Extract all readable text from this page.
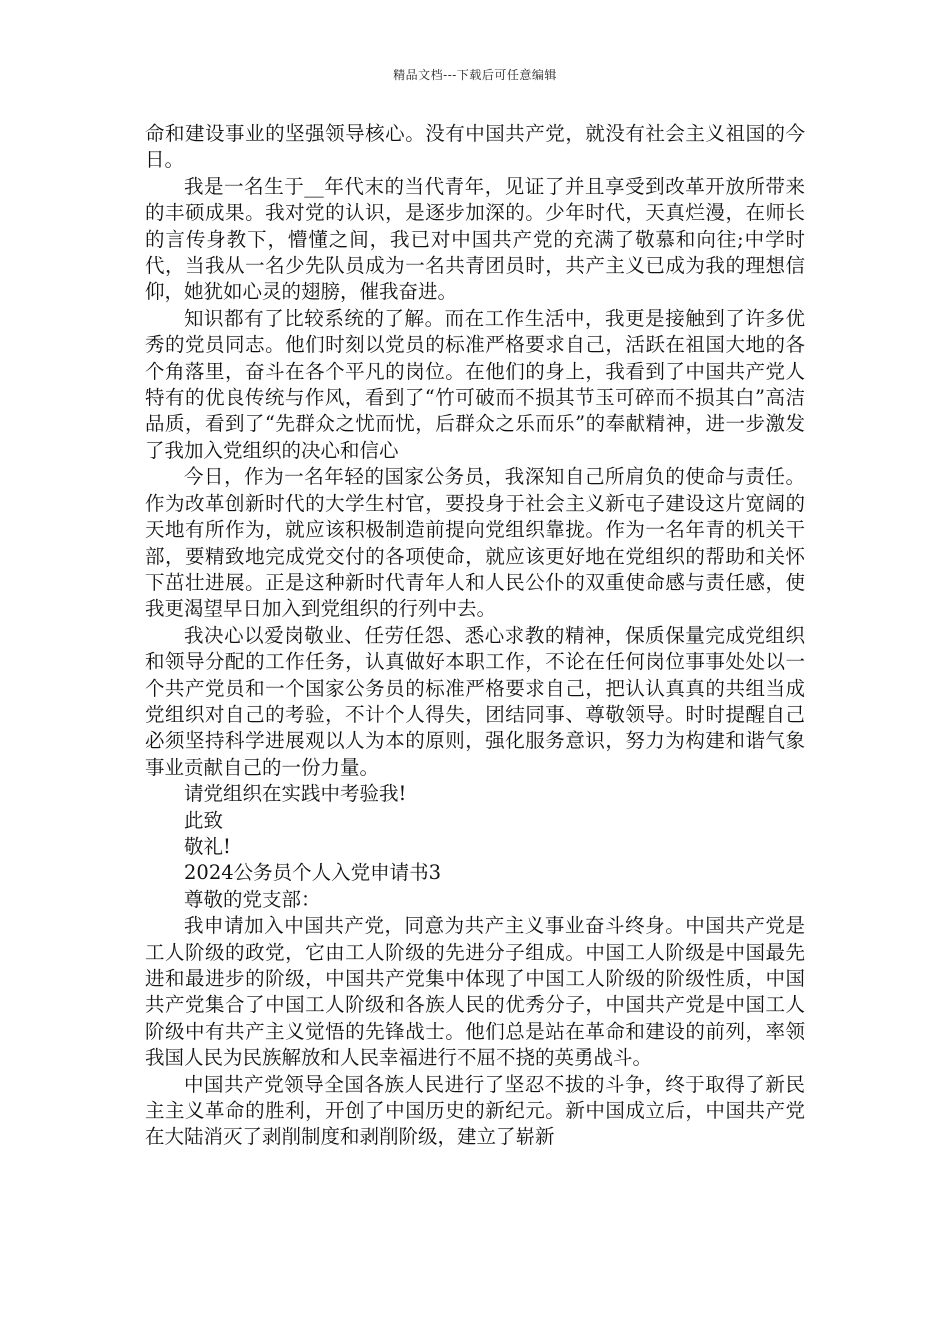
精品文档---下载后可任意编辑

命和建设事业的坚强领导核心。没有中国共产党，就没有社会主义祖国的今日。

我是一名生于__年代末的当代青年，见证了并且享受到改革开放所带来的丰硕成果。我对党的认识，是逐步加深的。少年时代，天真烂漫，在师长的言传身教下，懵懂之间，我已对中国共产党的充满了敬慕和向往;中学时代，当我从一名少先队员成为一名共青团员时，共产主义已成为我的理想信仰，她犹如心灵的翅膀，催我奋进。

知识都有了比较系统的了解。而在工作生活中，我更是接触到了许多优秀的党员同志。他们时刻以党员的标准严格要求自己，活跃在祖国大地的各个角落里，奋斗在各个平凡的岗位。在他们的身上，我看到了中国共产党人特有的优良传统与作风，看到了“竹可破而不损其节玉可碎而不损其白”高洁品质，看到了“先群众之忧而忧，后群众之乐而乐”的奉献精神，进一步激发了我加入党组织的决心和信心

今日，作为一名年轻的国家公务员，我深知自己所肩负的使命与责任。作为改革创新时代的大学生村官，要投身于社会主义新屯子建设这片宽阔的天地有所作为，就应该积极制造前提向党组织靠拢。作为一名年青的机关干部，要精致地完成党交付的各项使命，就应该更好地在党组织的帮助和关怀下茁壮进展。正是这种新时代青年人和人民公仆的双重使命感与责任感，使我更渴望早日加入到党组织的行列中去。

我决心以爱岗敬业、任劳任怨、悉心求教的精神，保质保量完成党组织和领导分配的工作任务，认真做好本职工作，不论在任何岗位事事处处以一个共产党员和一个国家公务员的标准严格要求自己，把认认真真的共组当成党组织对自己的考验，不计个人得失，团结同事、尊敬领导。时时提醒自己必须坚持科学进展观以人为本的原则，强化服务意识，努力为构建和谐气象事业贡献自己的一份力量。

请党组织在实践中考验我!

此致

敬礼!

2024公务员个人入党申请书3

尊敬的党支部：

我申请加入中国共产党，同意为共产主义事业奋斗终身。中国共产党是工人阶级的政党，它由工人阶级的先进分子组成。中国工人阶级是中国最先进和最进步的阶级，中国共产党集中体现了中国工人阶级的阶级性质，中国共产党集合了中国工人阶级和各族人民的优秀分子，中国共产党是中国工人阶级中有共产主义觉悟的先锋战士。他们总是站在革命和建设的前列，率领我国人民为民族解放和人民幸福进行不屈不挠的英勇战斗。

中国共产党领导全国各族人民进行了坚忍不拔的斗争，终于取得了新民主主义革命的胜利，开创了中国历史的新纪元。新中国成立后，中国共产党在大陆消灭了剥削制度和剥削阶级，建立了崭新
